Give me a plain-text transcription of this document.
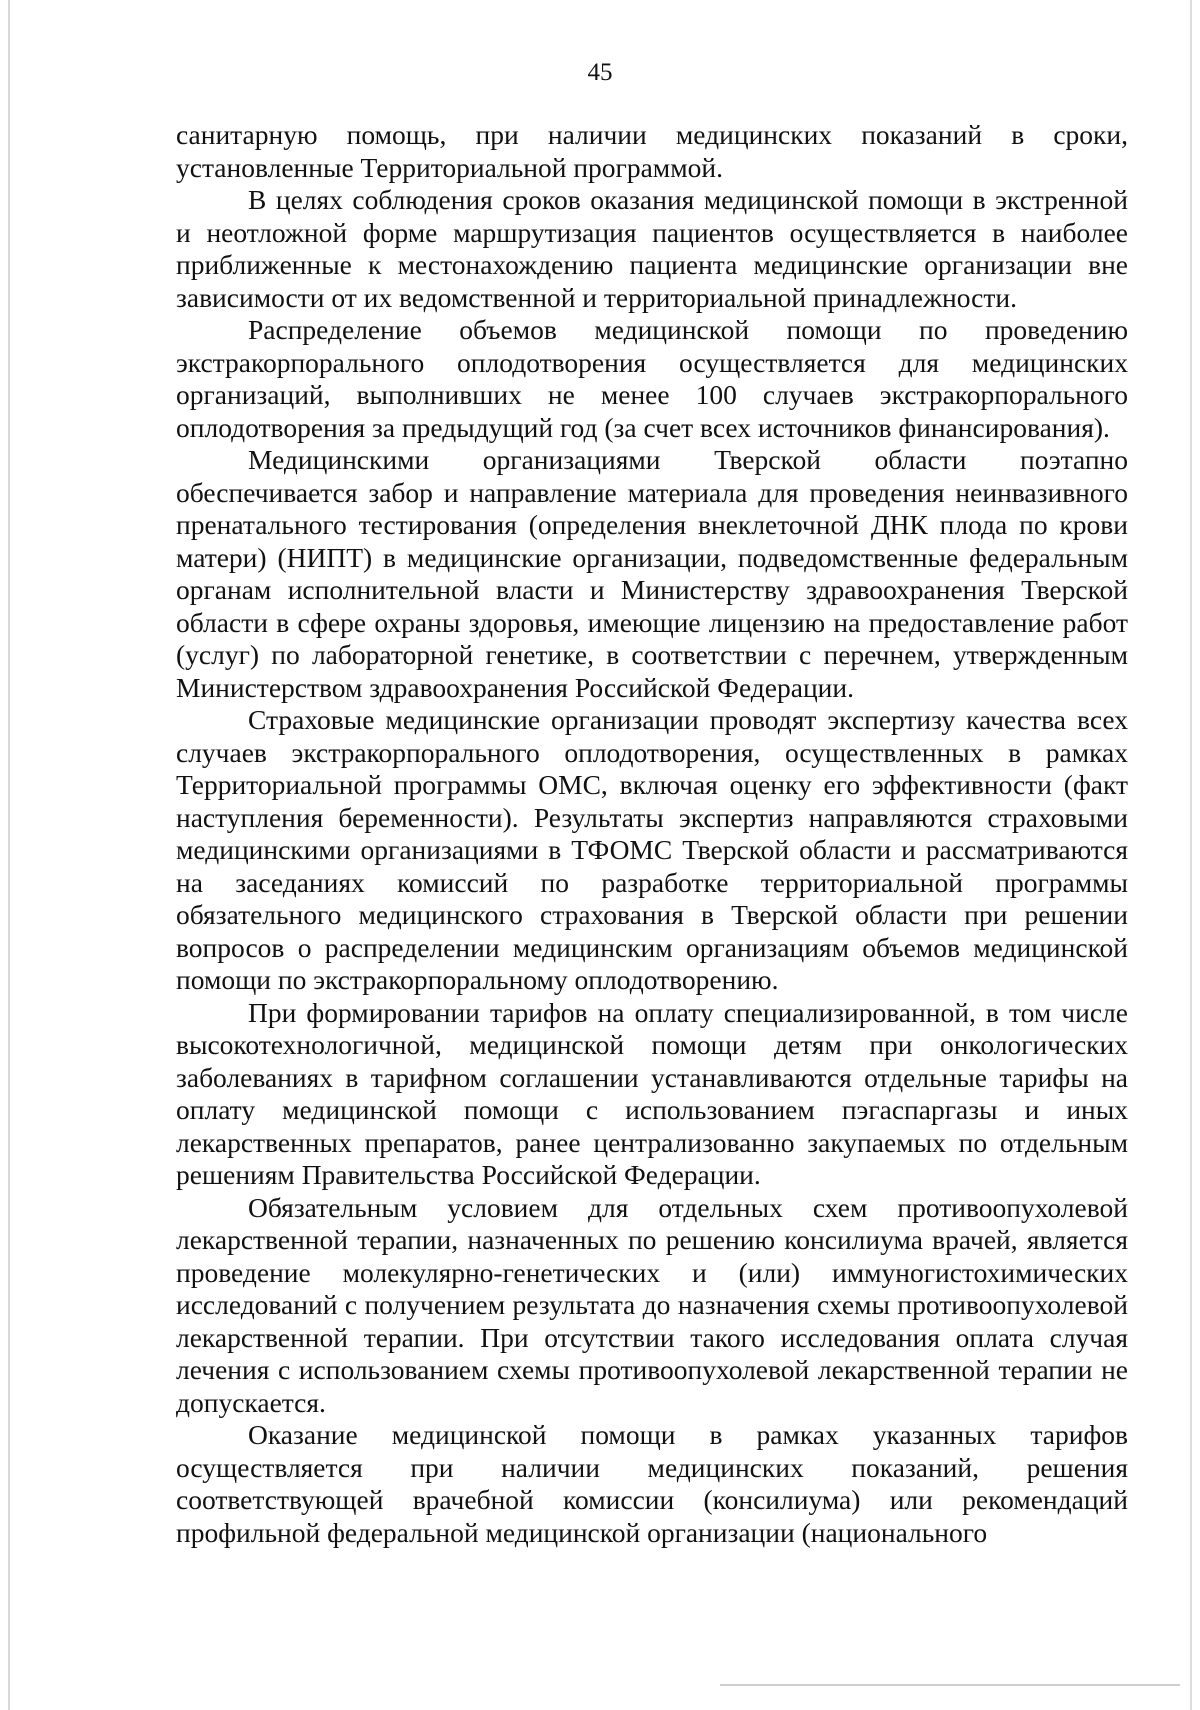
45

санитарную помощь, при наличии медицинских показаний в сроки, установленные Территориальной программой.

В целях соблюдения сроков оказания медицинской помощи в экстренной и неотложной форме маршрутизация пациентов осуществляется в наиболее приближенные к местонахождению пациента медицинские организации вне зависимости от их ведомственной и территориальной принадлежности.

Распределение объемов медицинской помощи по проведению экстракорпорального оплодотворения осуществляется для медицинских организаций, выполнивших не менее 100 случаев экстракорпорального оплодотворения за предыдущий год (за счет всех источников финансирования).

Медицинскими организациями Тверской области поэтапно обеспечивается забор и направление материала для проведения неинвазивного пренатального тестирования (определения внеклеточной ДНК плода по крови матери) (НИПТ) в медицинские организации, подведомственные федеральным органам исполнительной власти и Министерству здравоохранения Тверской области в сфере охраны здоровья, имеющие лицензию на предоставление работ (услуг) по лабораторной генетике, в соответствии с перечнем, утвержденным Министерством здравоохранения Российской Федерации.

Страховые медицинские организации проводят экспертизу качества всех случаев экстракорпорального оплодотворения, осуществленных в рамках Территориальной программы ОМС, включая оценку его эффективности (факт наступления беременности). Результаты экспертиз направляются страховыми медицинскими организациями в ТФОМС Тверской области и рассматриваются на заседаниях комиссий по разработке территориальной программы обязательного медицинского страхования в Тверской области при решении вопросов о распределении медицинским организациям объемов медицинской помощи по экстракорпоральному оплодотворению.

При формировании тарифов на оплату специализированной, в том числе высокотехнологичной, медицинской помощи детям при онкологических заболеваниях в тарифном соглашении устанавливаются отдельные тарифы на оплату медицинской помощи с использованием пэгаспаргазы и иных лекарственных препаратов, ранее централизованно закупаемых по отдельным решениям Правительства Российской Федерации.

Обязательным условием для отдельных схем противоопухолевой лекарственной терапии, назначенных по решению консилиума врачей, является проведение молекулярно-генетических и (или) иммуногистохимических исследований с получением результата до назначения схемы противоопухолевой лекарственной терапии. При отсутствии такого исследования оплата случая лечения с использованием схемы противоопухолевой лекарственной терапии не допускается.

Оказание медицинской помощи в рамках указанных тарифов осуществляется при наличии медицинских показаний, решения соответствующей врачебной комиссии (консилиума) или рекомендаций профильной федеральной медицинской организации (национального
